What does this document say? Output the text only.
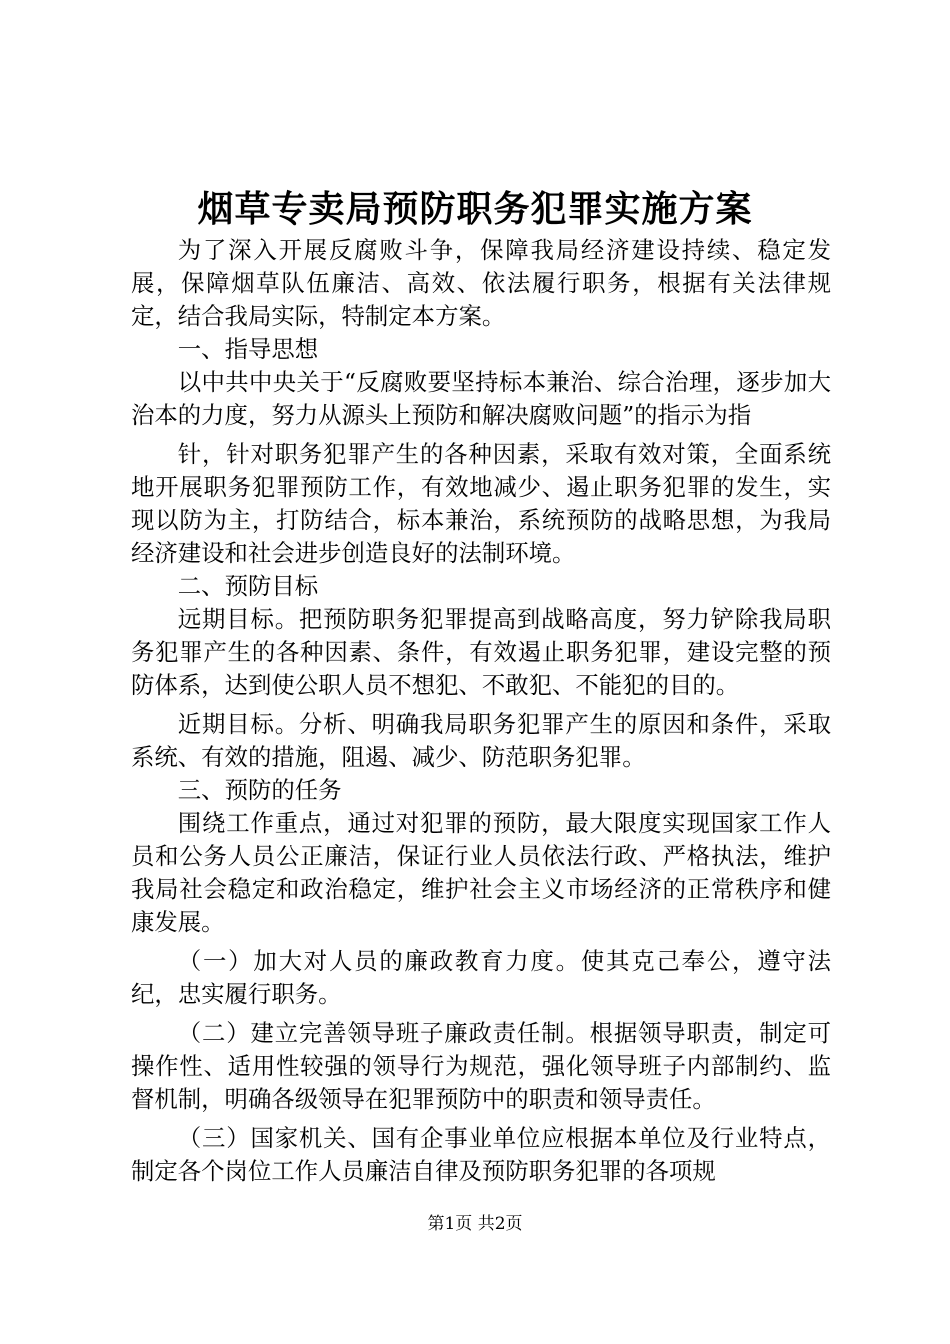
烟草专卖局预防职务犯罪实施方案

为了深入开展反腐败斗争，保障我局经济建设持续、稳定发展，保障烟草队伍廉洁、高效、依法履行职务，根据有关法律规定，结合我局实际，特制定本方案。

一、指导思想

以中共中央关于“反腐败要坚持标本兼治、综合治理，逐步加大治本的力度，努力从源头上预防和解决腐败问题”的指示为指

针，针对职务犯罪产生的各种因素，采取有效对策，全面系统地开展职务犯罪预防工作，有效地减少、遏止职务犯罪的发生，实现以防为主，打防结合，标本兼治，系统预防的战略思想，为我局经济建设和社会进步创造良好的法制环境。

二、预防目标

远期目标。把预防职务犯罪提高到战略高度，努力铲除我局职务犯罪产生的各种因素、条件，有效遏止职务犯罪，建设完整的预防体系，达到使公职人员不想犯、不敢犯、不能犯的目的。

近期目标。分析、明确我局职务犯罪产生的原因和条件，采取系统、有效的措施，阻遏、减少、防范职务犯罪。

三、预防的任务

围绕工作重点，通过对犯罪的预防，最大限度实现国家工作人员和公务人员公正廉洁，保证行业人员依法行政、严格执法，维护我局社会稳定和政治稳定，维护社会主义市场经济的正常秩序和健康发展。

（一）加大对人员的廉政教育力度。使其克己奉公，遵守法纪，忠实履行职务。

（二）建立完善领导班子廉政责任制。根据领导职责，制定可操作性、适用性较强的领导行为规范，强化领导班子内部制约、监督机制，明确各级领导在犯罪预防中的职责和领导责任。

（三）国家机关、国有企事业单位应根据本单位及行业特点，制定各个岗位工作人员廉洁自律及预防职务犯罪的各项规

第1页 共2页
